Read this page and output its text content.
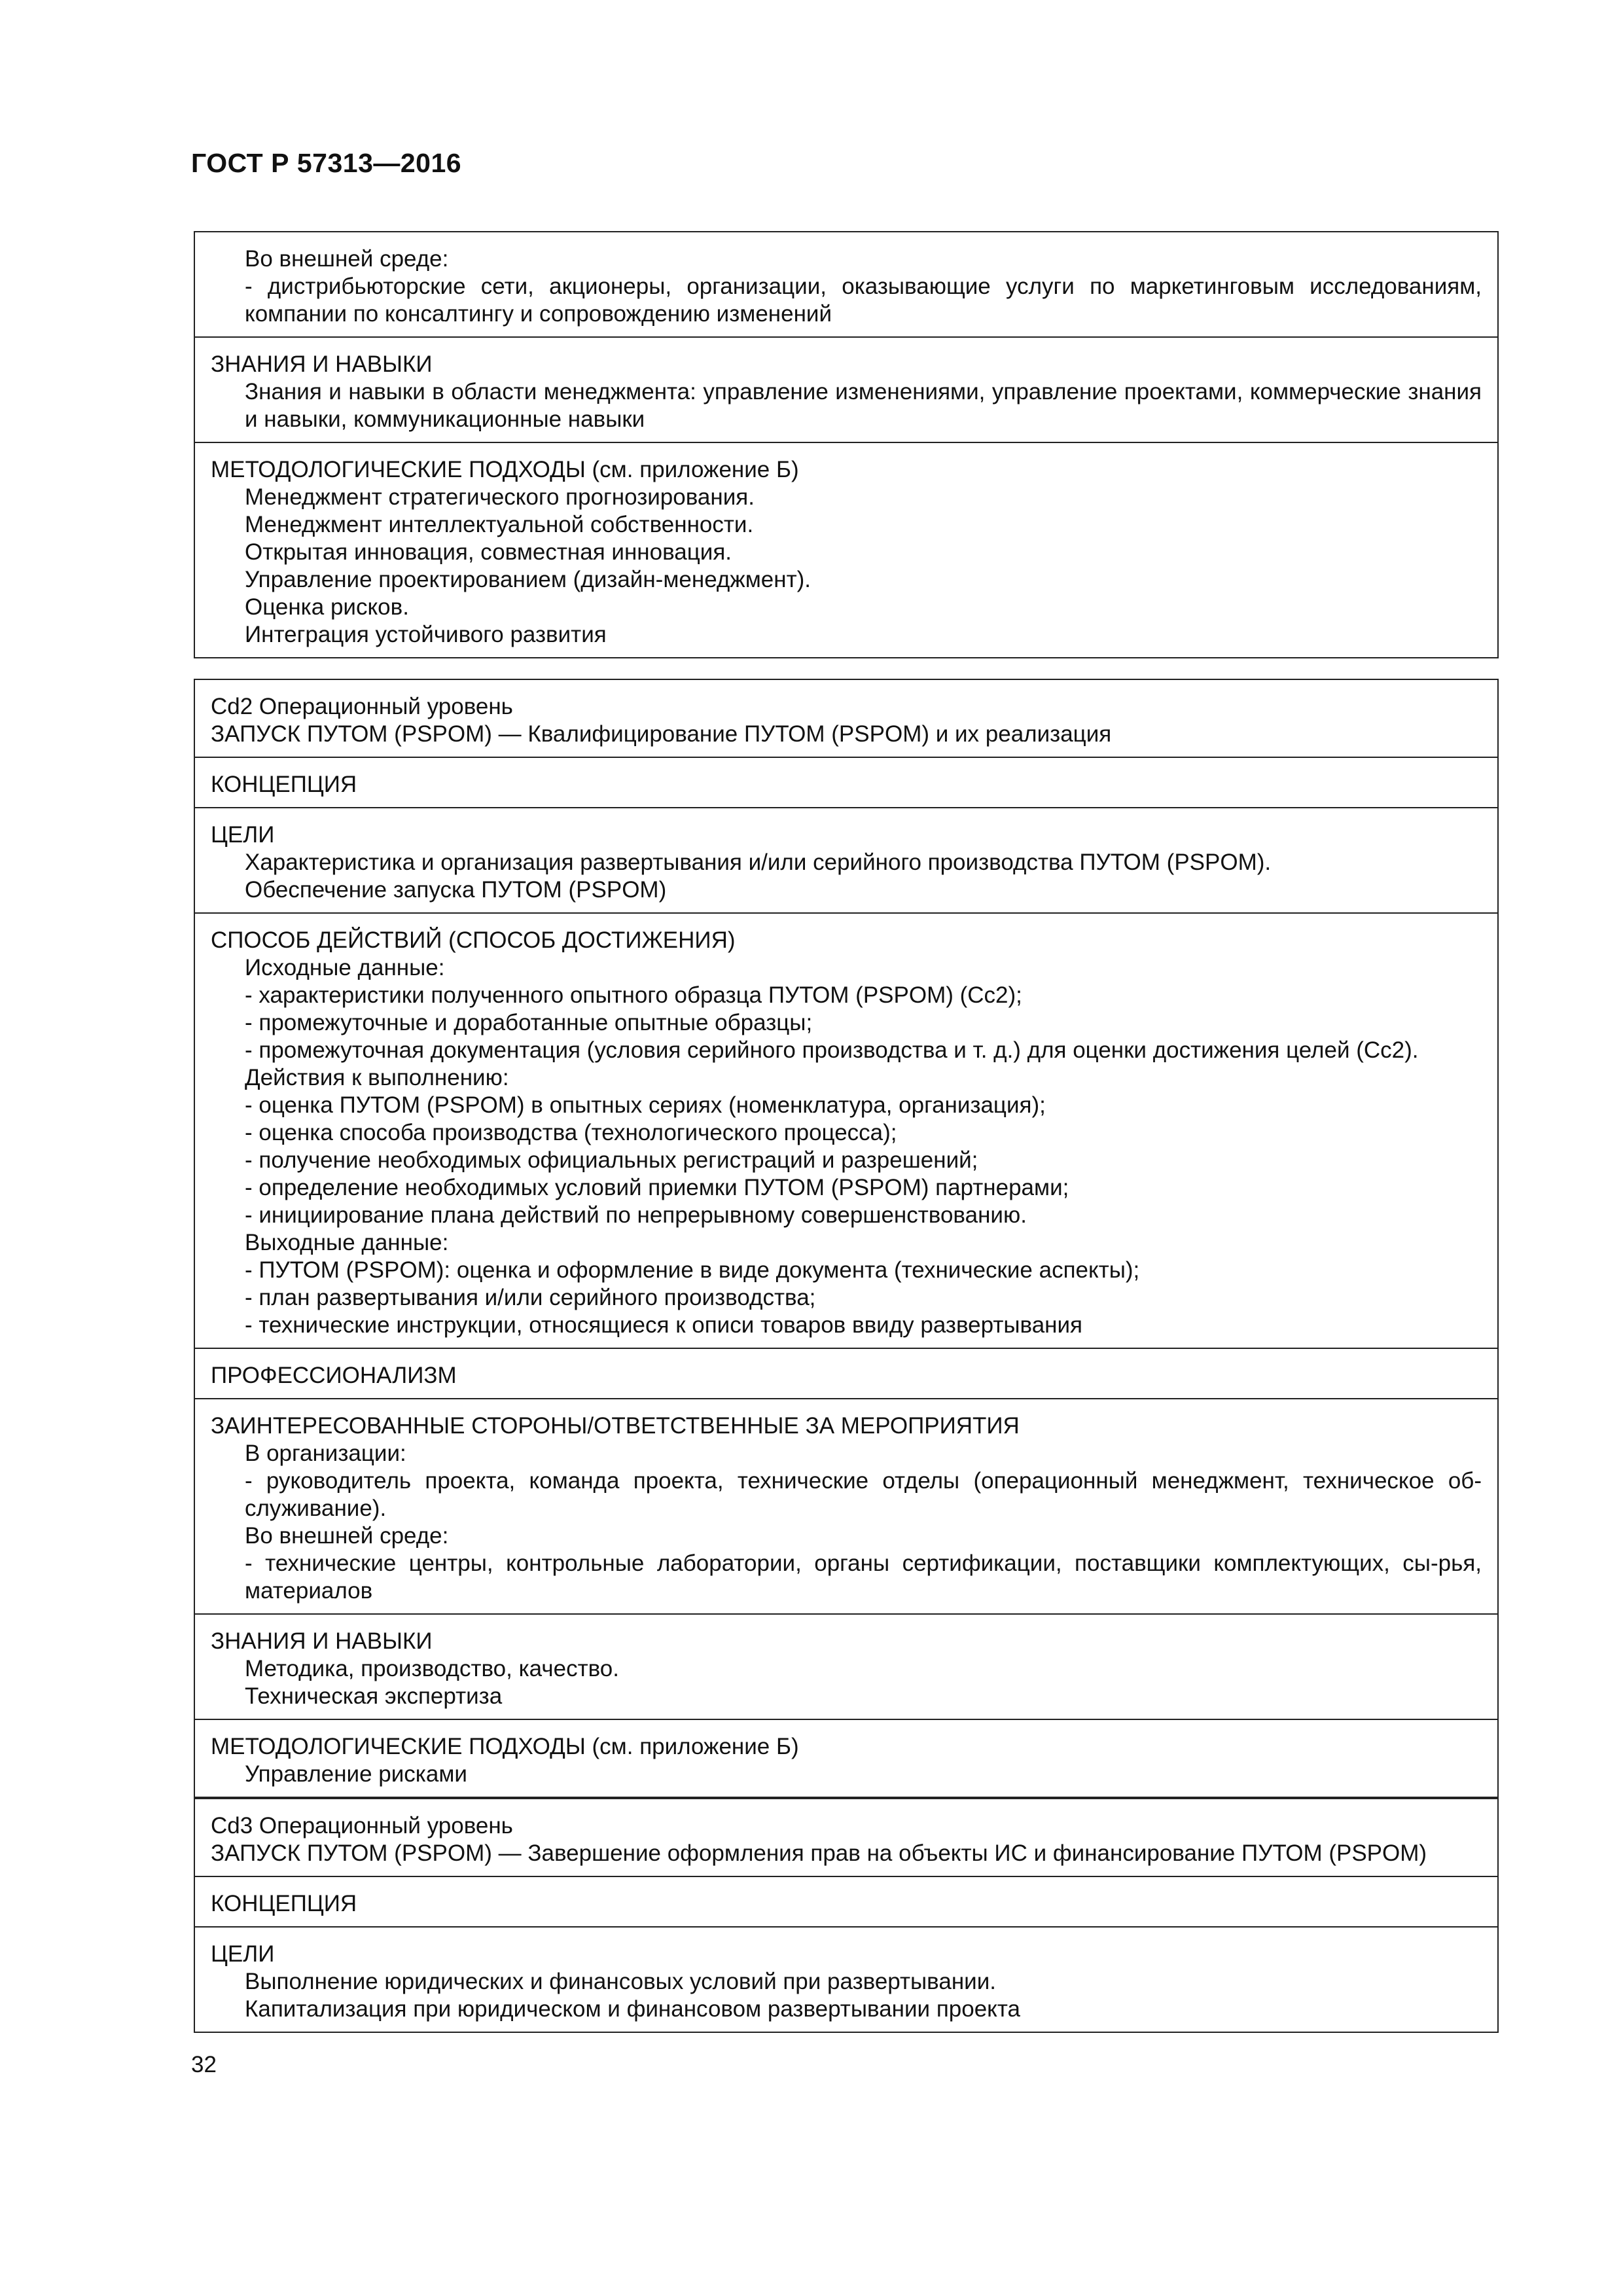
ГОСТ Р 57313—2016
Во внешней среде:
- дистрибьюторские сети, акционеры, организации, оказывающие услуги по маркетинговым исследованиям, компании по консалтингу и сопровождению изменений
ЗНАНИЯ И НАВЫКИ
Знания и навыки в области менеджмента: управление изменениями, управление проектами, коммерческие знания и навыки, коммуникационные навыки
МЕТОДОЛОГИЧЕСКИЕ ПОДХОДЫ (см. приложение Б)
Менеджмент стратегического прогнозирования.
Менеджмент интеллектуальной собственности.
Открытая инновация, совместная инновация.
Управление проектированием (дизайн-менеджмент).
Оценка рисков.
Интеграция устойчивого развития
Cd2 Операционный уровень
ЗАПУСК ПУТОМ (PSPOM) — Квалифицирование ПУТОМ (PSPOM) и их реализация
КОНЦЕПЦИЯ
ЦЕЛИ
Характеристика и организация развертывания и/или серийного производства ПУТОМ (PSPOM).
Обеспечение запуска ПУТОМ (PSPOM)
СПОСОБ ДЕЙСТВИЙ (СПОСОБ ДОСТИЖЕНИЯ)
Исходные данные:
- характеристики полученного опытного образца ПУТОМ (PSPOM) (Cc2);
- промежуточные и доработанные опытные образцы;
- промежуточная документация (условия серийного производства и т. д.) для оценки достижения целей (Cc2).
Действия к выполнению:
- оценка ПУТОМ (PSPOM) в опытных сериях (номенклатура, организация);
- оценка способа производства (технологического процесса);
- получение необходимых официальных регистраций и разрешений;
- определение необходимых условий приемки ПУТОМ (PSPOM) партнерами;
- инициирование плана действий по непрерывному совершенствованию.
Выходные данные:
- ПУТОМ (PSPOM): оценка и оформление в виде документа (технические аспекты);
- план развертывания и/или серийного производства;
- технические инструкции, относящиеся к описи товаров ввиду развертывания
ПРОФЕССИОНАЛИЗМ
ЗАИНТЕРЕСОВАННЫЕ СТОРОНЫ/ОТВЕТСТВЕННЫЕ ЗА МЕРОПРИЯТИЯ
В организации:
- руководитель проекта, команда проекта, технические отделы (операционный менеджмент, техническое об-служивание).
Во внешней среде:
- технические центры, контрольные лаборатории, органы сертификации, поставщики комплектующих, сы-рья, материалов
ЗНАНИЯ И НАВЫКИ
Методика, производство, качество.
Техническая экспертиза
МЕТОДОЛОГИЧЕСКИЕ ПОДХОДЫ (см. приложение Б)
Управление рисками
Cd3 Операционный уровень
ЗАПУСК ПУТОМ (PSPOM) — Завершение оформления прав на объекты ИС и финансирование ПУТОМ (PSPOM)
КОНЦЕПЦИЯ
ЦЕЛИ
Выполнение юридических и финансовых условий при развертывании.
Капитализация при юридическом и финансовом развертывании проекта
32
